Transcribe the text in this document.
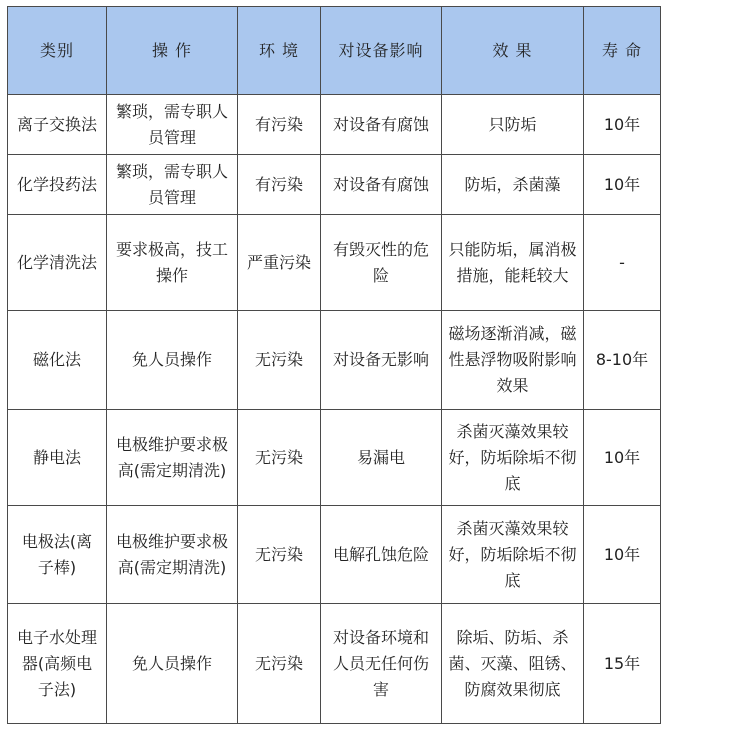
类别	操 作	环 境	对设备影响	效 果	寿 命
离子交换法	繁琐，需专职人员管理	有污染	对设备有腐蚀	只防垢	10年
化学投药法	繁琐，需专职人员管理	有污染	对设备有腐蚀	防垢，杀菌藻	10年
化学清洗法	要求极高，技工操作	严重污染	有毁灭性的危险	只能防垢，属消极措施，能耗较大	-
磁化法	免人员操作	无污染	对设备无影响	磁场逐渐消减，磁性悬浮物吸附影响效果	8-10年
静电法	电极维护要求极高(需定期清洗)	无污染	易漏电	杀菌灭藻效果较好，防垢除垢不彻底	10年
电极法(离子棒)	电极维护要求极高(需定期清洗)	无污染	电解孔蚀危险	杀菌灭藻效果较好，防垢除垢不彻底	10年
电子水处理器(高频电子法)	免人员操作	无污染	对设备环境和人员无任何伤害	除垢、防垢、杀菌、灭藻、阻锈、防腐效果彻底	15年
